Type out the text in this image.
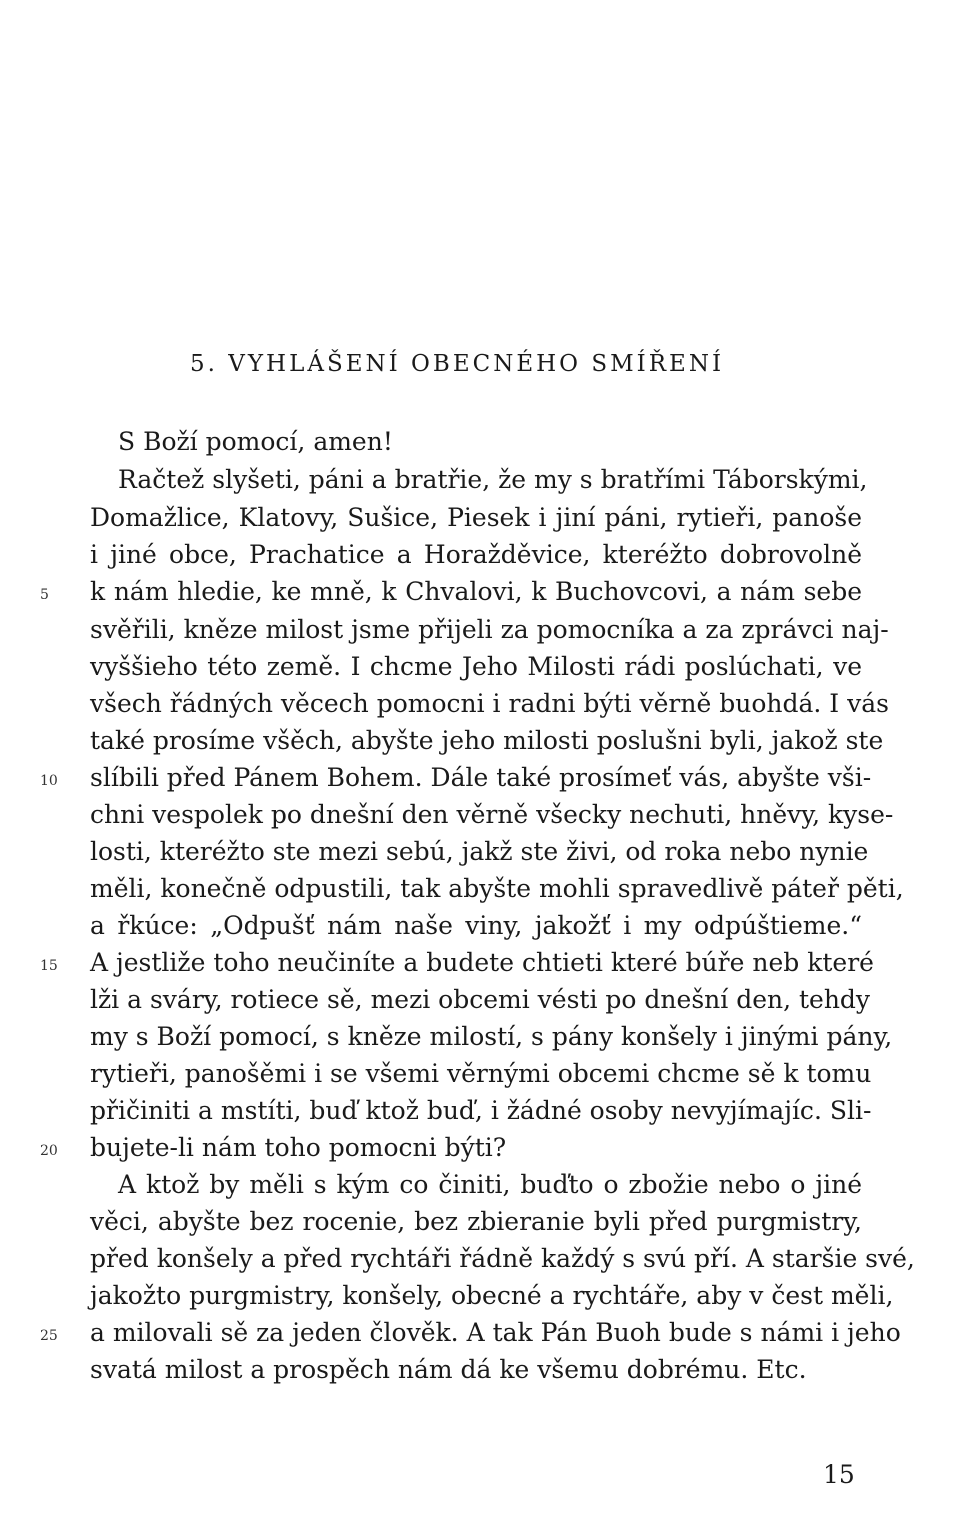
5. VYHLÁŠENÍ OBECNÉHO SMÍŘENÍ
S Boží pomocí, amen!
Račtež slyšeti, páni a bratřie, že my s bratřími Táborskými,
Domažlice, Klatovy, Sušice, Piesek i jiní páni, rytieři, panoše
i jiné obce, Prachatice a Horažděvice, kteréžto dobrovolně
k nám hledie, ke mně, k Chvalovi, k Buchovcovi, a nám sebe
svěřili, kněze milost jsme přijeli za pomocníka a za zprávci naj-
vyššieho této země. I chcme Jeho Milosti rádi poslúchati, ve
všech řádných věcech pomocni i radni býti věrně buohdá. I vás
také prosíme všěch, abyšte jeho milosti poslušni byli, jakož ste
slíbili před Pánem Bohem. Dále také prosímeť vás, abyšte vši-
chni vespolek po dnešní den věrně všecky nechuti, hněvy, kyse-
losti, kteréžto ste mezi sebú, jakž ste živi, od roka nebo nynie
měli, konečně odpustili, tak abyšte mohli spravedlivě páteř pěti,
a řkúce: „Odpušť nám naše viny, jakožť i my odpúštieme.“
A jestliže toho neučiníte a budete chtieti které búře neb které
lži a sváry, rotiece sě, mezi obcemi vésti po dnešní den, tehdy
my s Boží pomocí, s kněze milostí, s pány konšely i jinými pány,
rytieři, panošěmi i se všemi věrnými obcemi chcme sě k tomu
přičiniti a mstíti, buď ktož buď, i žádné osoby nevyjímajíc. Sli-
bujete-li nám toho pomocni býti?
A ktož by měli s kým co činiti, buďto o zbožie nebo o jiné
věci, abyšte bez rocenie, bez zbieranie byli před purgmistry,
před konšely a před rychtáři řádně každý s svú pří. A staršie své,
jakožto purgmistry, konšely, obecné a rychtáře, aby v čest měli,
a milovali sě za jeden člověk. A tak Pán Buoh bude s námi i jeho
svatá milost a prospěch nám dá ke všemu dobrému. Etc.
5
10
15
20
25
15
